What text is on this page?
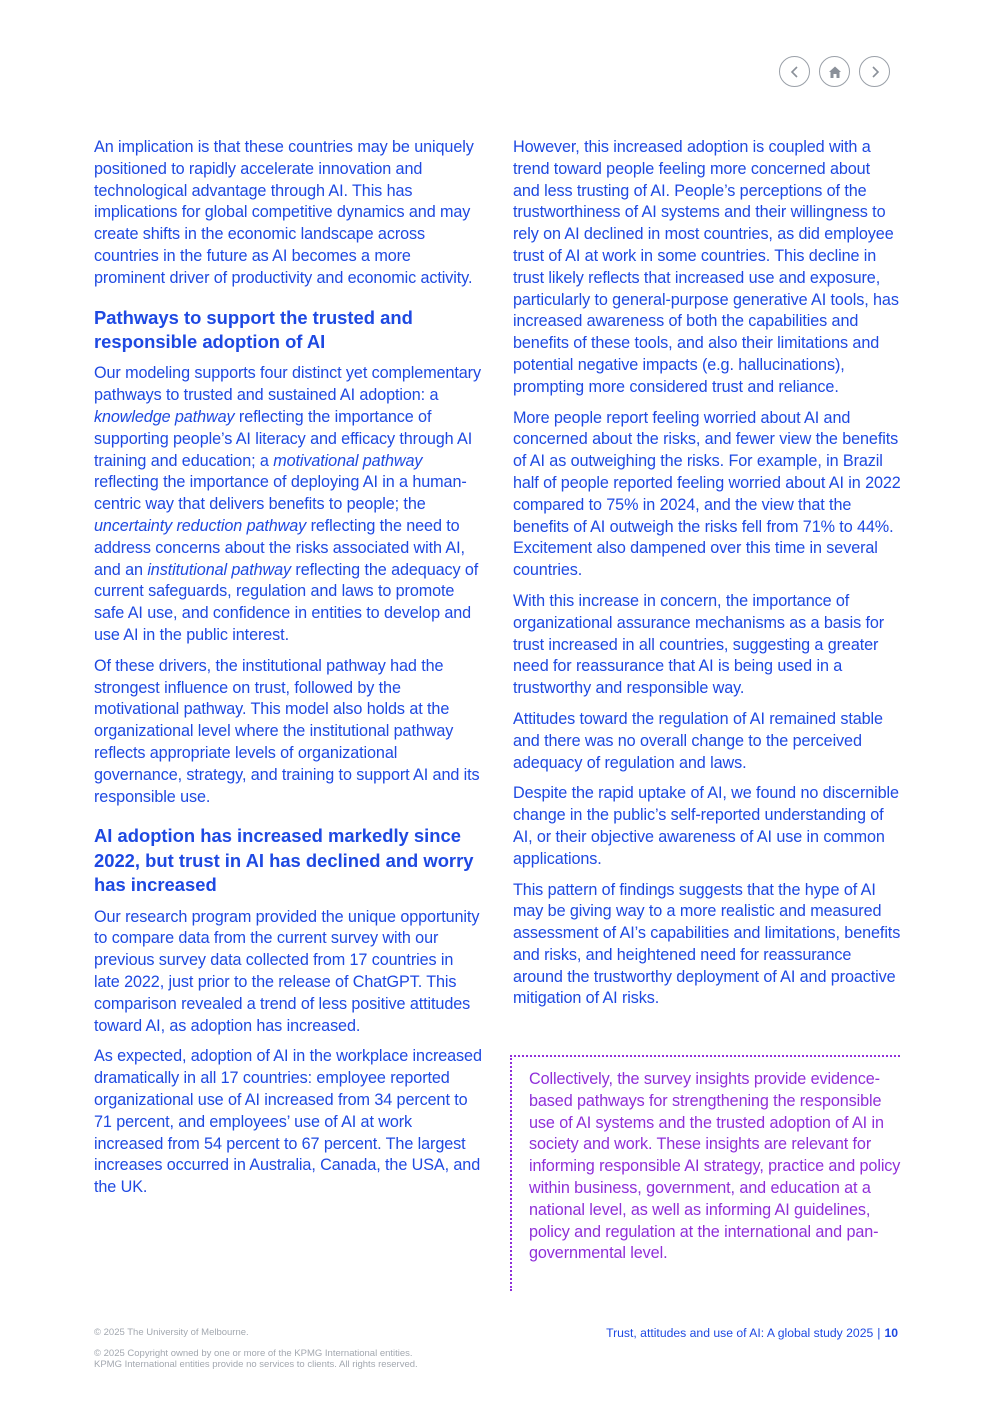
An implication is that these countries may be uniquely positioned to rapidly accelerate innovation and technological advantage through AI. This has implications for global competitive dynamics and may create shifts in the economic landscape across countries in the future as AI becomes a more prominent driver of productivity and economic activity.

Pathways to support the trusted and responsible adoption of AI

Our modeling supports four distinct yet complementary pathways to trusted and sustained AI adoption: a knowledge pathway reflecting the importance of supporting people’s AI literacy and efficacy through AI training and education; a motivational pathway reflecting the importance of deploying AI in a human-centric way that delivers benefits to people; the uncertainty reduction pathway reflecting the need to address concerns about the risks associated with AI, and an institutional pathway reflecting the adequacy of current safeguards, regulation and laws to promote safe AI use, and confidence in entities to develop and use AI in the public interest.

Of these drivers, the institutional pathway had the strongest influence on trust, followed by the motivational pathway. This model also holds at the organizational level where the institutional pathway reflects appropriate levels of organizational governance, strategy, and training to support AI and its responsible use.

AI adoption has increased markedly since 2022, but trust in AI has declined and worry has increased

Our research program provided the unique opportunity to compare data from the current survey with our previous survey data collected from 17 countries in late 2022, just prior to the release of ChatGPT. This comparison revealed a trend of less positive attitudes toward AI, as adoption has increased.

As expected, adoption of AI in the workplace increased dramatically in all 17 countries: employee reported organizational use of AI increased from 34 percent to 71 percent, and employees’ use of AI at work increased from 54 percent to 67 percent. The largest increases occurred in Australia, Canada, the USA, and the UK.

However, this increased adoption is coupled with a trend toward people feeling more concerned about and less trusting of AI. People’s perceptions of the trustworthiness of AI systems and their willingness to rely on AI declined in most countries, as did employee trust of AI at work in some countries. This decline in trust likely reflects that increased use and exposure, particularly to general-purpose generative AI tools, has increased awareness of both the capabilities and benefits of these tools, and also their limitations and potential negative impacts (e.g. hallucinations), prompting more considered trust and reliance.

More people report feeling worried about AI and concerned about the risks, and fewer view the benefits of AI as outweighing the risks. For example, in Brazil half of people reported feeling worried about AI in 2022 compared to 75% in 2024, and the view that the benefits of AI outweigh the risks fell from 71% to 44%. Excitement also dampened over this time in several countries.

With this increase in concern, the importance of organizational assurance mechanisms as a basis for trust increased in all countries, suggesting a greater need for reassurance that AI is being used in a trustworthy and responsible way.

Attitudes toward the regulation of AI remained stable and there was no overall change to the perceived adequacy of regulation and laws.

Despite the rapid uptake of AI, we found no discernible change in the public’s self-reported understanding of AI, or their objective awareness of AI use in common applications.

This pattern of findings suggests that the hype of AI may be giving way to a more realistic and measured assessment of AI’s capabilities and limitations, benefits and risks, and heightened need for reassurance around the trustworthy deployment of AI and proactive mitigation of AI risks.

Collectively, the survey insights provide evidence-based pathways for strengthening the responsible use of AI systems and the trusted adoption of AI in society and work. These insights are relevant for informing responsible AI strategy, practice and policy within business, government, and education at a national level, as well as informing AI guidelines, policy and regulation at the international and pan-governmental level.

© 2025 The University of Melbourne.
© 2025 Copyright owned by one or more of the KPMG International entities.
KPMG International entities provide no services to clients. All rights reserved.
Trust, attitudes and use of AI: A global study 2025 | 10
